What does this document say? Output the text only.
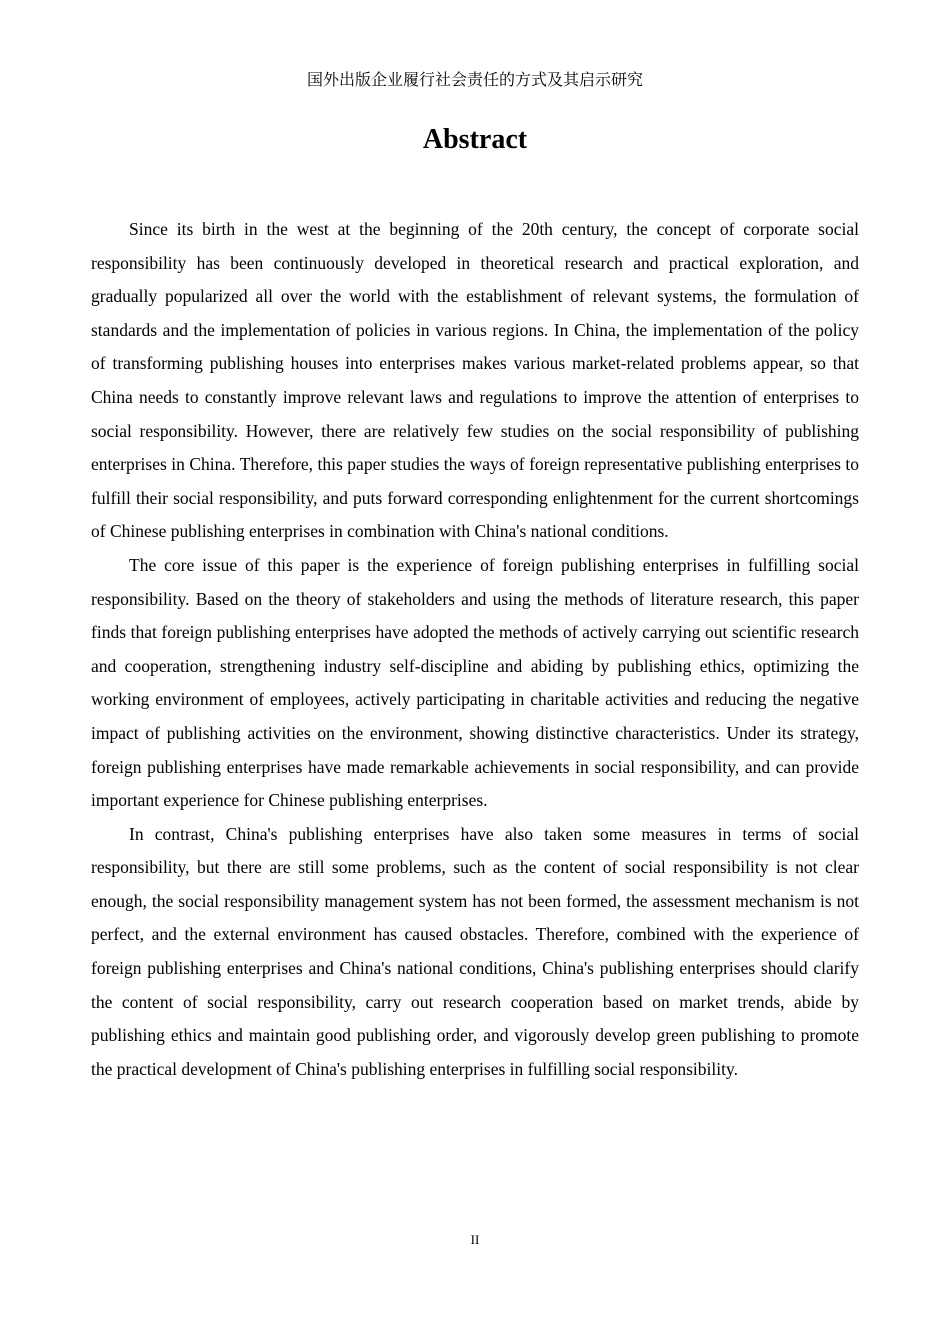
国外出版企业履行社会责任的方式及其启示研究
Abstract

Since its birth in the west at the beginning of the 20th century, the concept of corporate social responsibility has been continuously developed in theoretical research and practical exploration, and gradually popularized all over the world with the establishment of relevant systems, the formulation of standards and the implementation of policies in various regions. In China, the implementation of the policy of transforming publishing houses into enterprises makes various market-related problems appear, so that China needs to constantly improve relevant laws and regulations to improve the attention of enterprises to social responsibility. However, there are relatively few studies on the social responsibility of publishing enterprises in China. Therefore, this paper studies the ways of foreign representative publishing enterprises to fulfill their social responsibility, and puts forward corresponding enlightenment for the current shortcomings of Chinese publishing enterprises in combination with China's national conditions.

The core issue of this paper is the experience of foreign publishing enterprises in fulfilling social responsibility. Based on the theory of stakeholders and using the methods of literature research, this paper finds that foreign publishing enterprises have adopted the methods of actively carrying out scientific research and cooperation, strengthening industry self-discipline and abiding by publishing ethics, optimizing the working environment of employees, actively participating in charitable activities and reducing the negative impact of publishing activities on the environment, showing distinctive characteristics. Under its strategy, foreign publishing enterprises have made remarkable achievements in social responsibility, and can provide important experience for Chinese publishing enterprises.

In contrast, China's publishing enterprises have also taken some measures in terms of social responsibility, but there are still some problems, such as the content of social responsibility is not clear enough, the social responsibility management system has not been formed, the assessment mechanism is not perfect, and the external environment has caused obstacles. Therefore, combined with the experience of foreign publishing enterprises and China's national conditions, China's publishing enterprises should clarify the content of social responsibility, carry out research cooperation based on market trends, abide by publishing ethics and maintain good publishing order, and vigorously develop green publishing to promote the practical development of China's publishing enterprises in fulfilling social responsibility.

II
